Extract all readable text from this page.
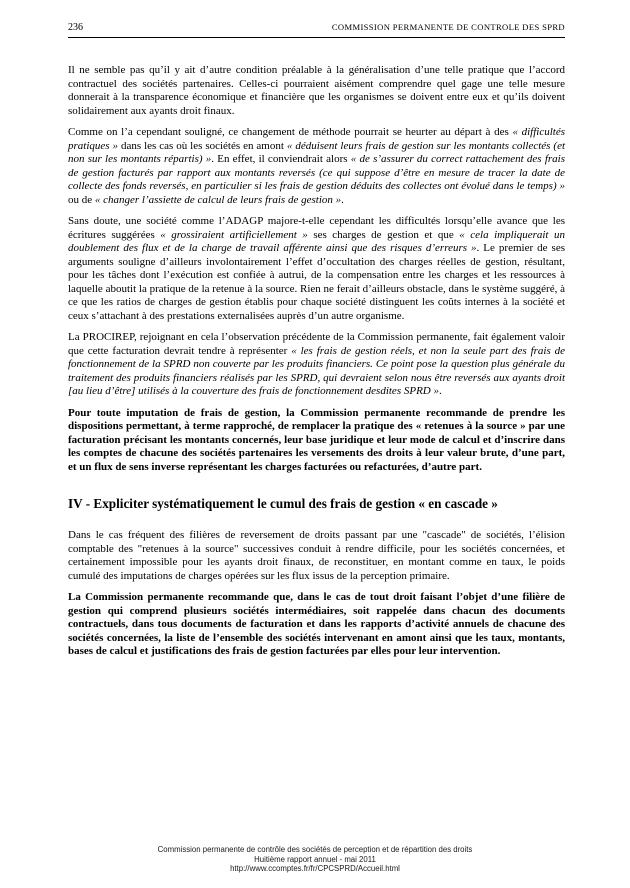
236	COMMISSION PERMANENTE DE CONTROLE DES SPRD

Il ne semble pas qu’il y ait d’autre condition préalable à la généralisation d’une telle pratique que l’accord contractuel des sociétés partenaires. Celles-ci pourraient aisément comprendre quel gage une telle mesure donnerait à la transparence économique et financière que les organismes se doivent entre eux et qu’ils doivent solidairement aux ayants droit finaux.

Comme on l’a cependant souligné, ce changement de méthode pourrait se heurter au départ à des « difficultés pratiques » dans les cas où les sociétés en amont « déduisent leurs frais de gestion sur les montants collectés (et non sur les montants répartis) ». En effet, il conviendrait alors « de s’assurer du correct rattachement des frais de gestion facturés par rapport aux montants reversés (ce qui suppose d’être en mesure de tracer la date de collecte des fonds reversés, en particulier si les frais de gestion déduits des collectes ont évolué dans le temps) » ou de « changer l’assiette de calcul de leurs frais de gestion ».

Sans doute, une société comme l’ADAGP majore-t-elle cependant les difficultés lorsqu’elle avance que les écritures suggérées « grossiraient artificiellement » ses charges de gestion et que « cela impliquerait un doublement des flux et de la charge de travail afférente ainsi que des risques d’erreurs ». Le premier de ses arguments souligne d’ailleurs involontairement l’effet d’occultation des charges réelles de gestion, résultant, pour les tâches dont l’exécution est confiée à autrui, de la compensation entre les charges et les ressources à laquelle aboutit la pratique de la retenue à la source. Rien ne ferait d’ailleurs obstacle, dans le système suggéré, à ce que les ratios de charges de gestion établis pour chaque société distinguent les coûts internes à la société et ceux s’attachant à des prestations externalisées auprès d’un autre organisme.

La PROCIREP, rejoignant en cela l’observation précédente de la Commission permanente, fait également valoir que cette facturation devrait tendre à représenter « les frais de gestion réels, et non la seule part des frais de fonctionnement de la SPRD non couverte par les produits financiers. Ce point pose la question plus générale du traitement des produits financiers réalisés par les SPRD, qui devraient selon nous être reversés aux ayants droit [au lieu d’être] utilisés à la couverture des frais de fonctionnement desdites SPRD ».

Pour toute imputation de frais de gestion, la Commission permanente recommande de prendre les dispositions permettant, à terme rapproché, de remplacer la pratique des « retenues à la source » par une facturation précisant les montants concernés, leur base juridique et leur mode de calcul et d’inscrire dans les comptes de chacune des sociétés partenaires les versements des droits à leur valeur brute, d’une part, et un flux de sens inverse représentant les charges facturées ou refacturées, d’autre part.

IV - Expliciter systématiquement le cumul des frais de gestion « en cascade »

Dans le cas fréquent des filières de reversement de droits passant par une "cascade" de sociétés, l’élision comptable des "retenues à la source" successives conduit à rendre difficile, pour les sociétés concernées, et certainement impossible pour les ayants droit finaux, de reconstituer, en montant comme en taux, le poids cumulé des imputations de charges opérées sur les flux issus de la perception primaire.

La Commission permanente recommande que, dans le cas de tout droit faisant l’objet d’une filière de gestion qui comprend plusieurs sociétés intermédiaires, soit rappelée dans chacun des documents contractuels, dans tous documents de facturation et dans les rapports d’activité annuels de chacune des sociétés concernées, la liste de l’ensemble des sociétés intervenant en amont ainsi que les taux, montants, bases de calcul et justifications des frais de gestion facturées par elles pour leur intervention.

Commission permanente de contrôle des sociétés de perception et de répartition des droits
Huitième rapport annuel - mai 2011
http://www.ccomptes.fr/fr/CPCSPRD/Accueil.html
